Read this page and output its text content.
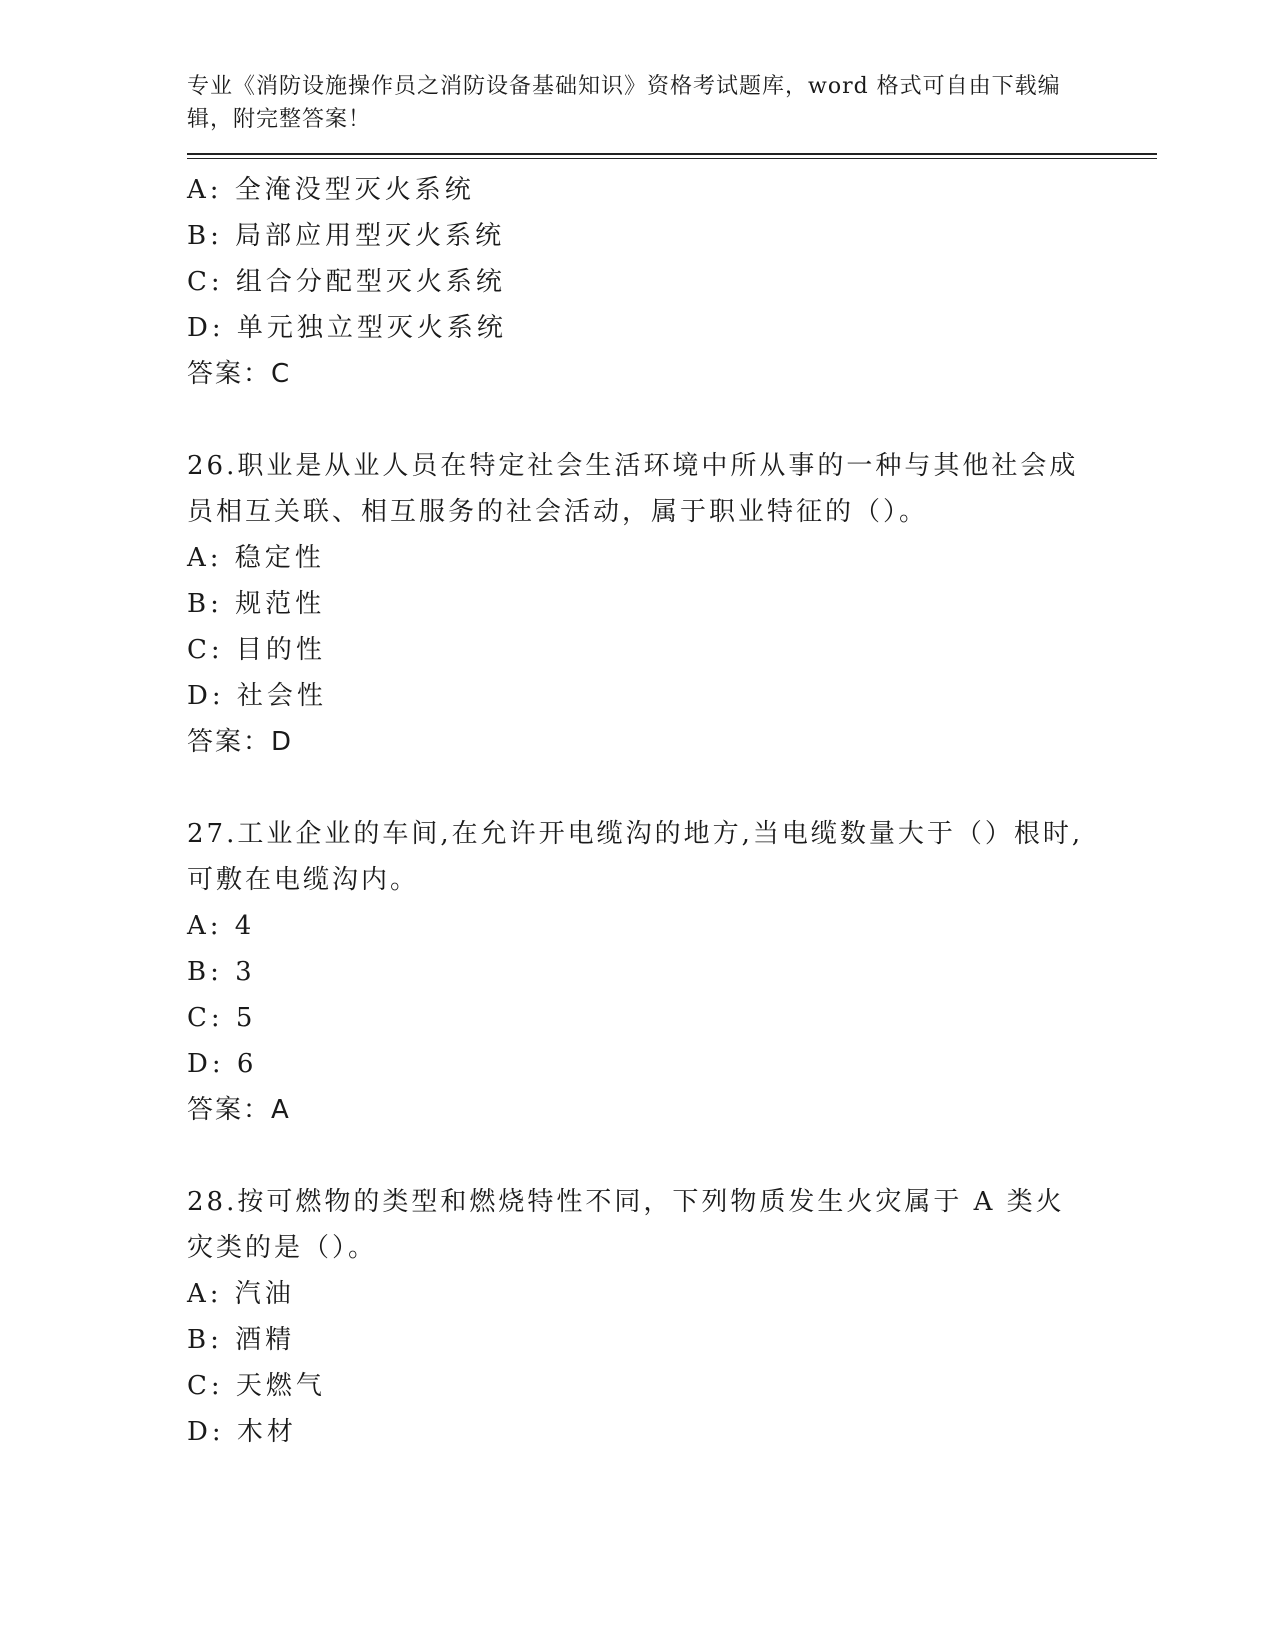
专业《消防设施操作员之消防设备基础知识》资格考试题库，word 格式可自由下载编辑，附完整答案！

A: 全淹没型灭火系统
B: 局部应用型灭火系统
C: 组合分配型灭火系统
D: 单元独立型灭火系统
答案：C

26.职业是从业人员在特定社会生活环境中所从事的一种与其他社会成员相互关联、相互服务的社会活动，属于职业特征的（）。

A: 稳定性
B: 规范性
C: 目的性
D: 社会性
答案：D

27.工业企业的车间,在允许开电缆沟的地方,当电缆数量大于（）根时,可敷在电缆沟内。

A: 4
B: 3
C: 5
D: 6
答案：A

28.按可燃物的类型和燃烧特性不同，下列物质发生火灾属于 A 类火灾类的是（）。

A: 汽油
B: 酒精
C: 天燃气
D: 木材
